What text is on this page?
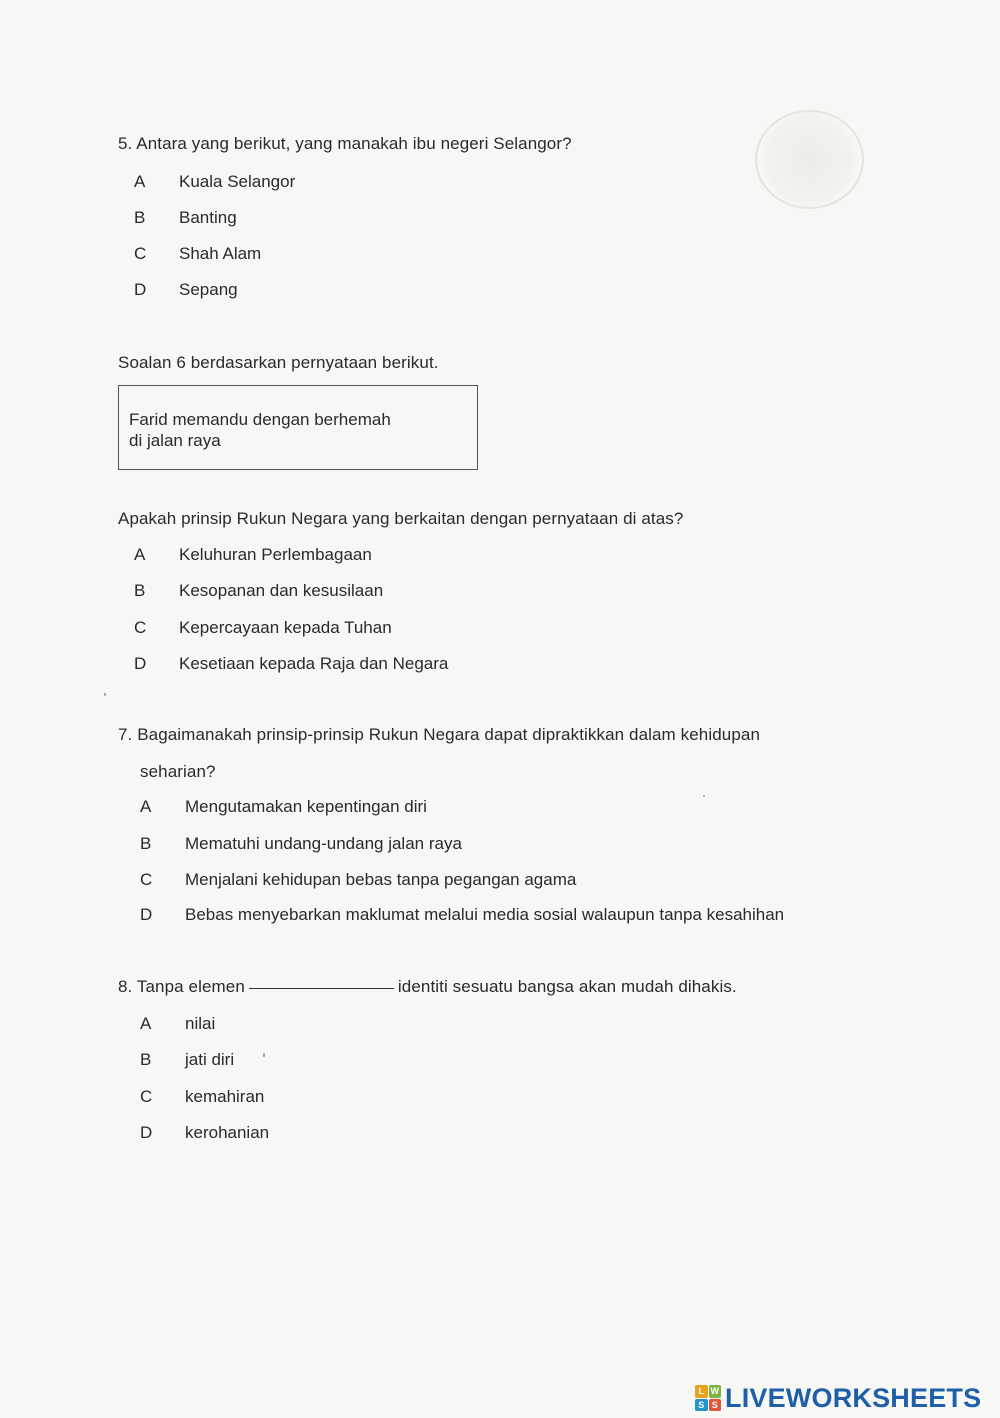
5. Antara yang berikut, yang manakah ibu negeri Selangor?
A Kuala Selangor
B Banting
C Shah Alam
D Sepang
Soalan 6 berdasarkan pernyataan berikut.
Farid memandu dengan berhemah
di jalan raya
Apakah prinsip Rukun Negara yang berkaitan dengan pernyataan di atas?
A Keluhuran Perlembagaan
B Kesopanan dan kesusilaan
C Kepercayaan kepada Tuhan
D Kesetiaan kepada Raja dan Negara
7. Bagaimanakah prinsip-prinsip Rukun Negara dapat dipraktikkan dalam kehidupan
seharian?
A Mengutamakan kepentingan diri
B Mematuhi undang-undang jalan raya
C Menjalani kehidupan bebas tanpa pegangan agama
D Bebas menyebarkan maklumat melalui media sosial walaupun tanpa kesahihan
8. Tanpa elemen	identiti sesuatu bangsa akan mudah dihakis.
A nilai
B jati diri
C kemahiran
D kerohanian
L W
S S LIVEWORKSHEETS
